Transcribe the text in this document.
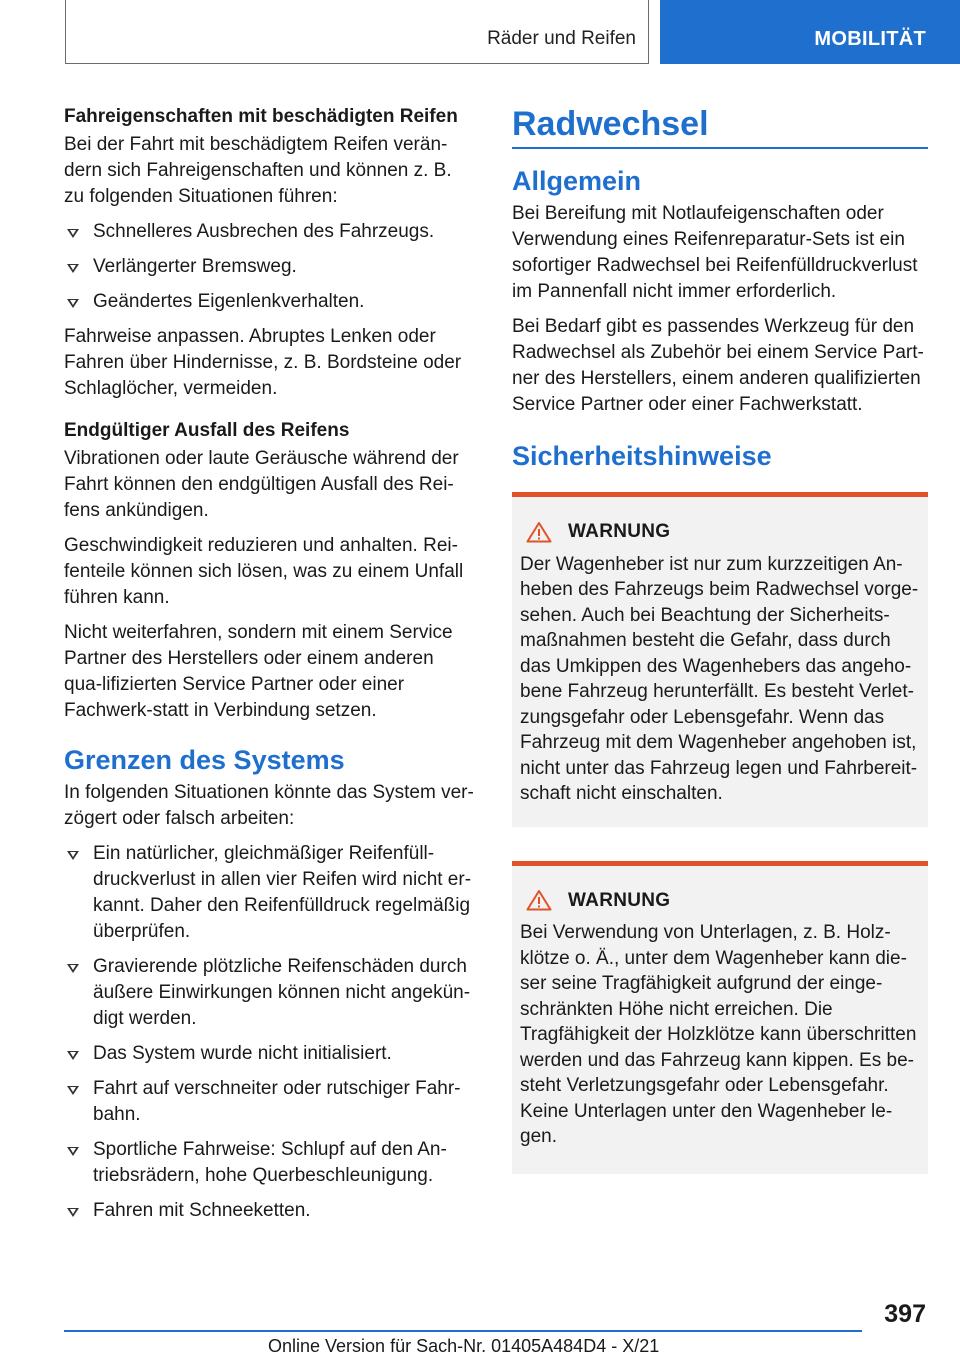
Räder und Reifen	MOBILITÄT

Fahreigenschaften mit beschädigten Reifen

Bei der Fahrt mit beschädigtem Reifen verän-dern sich Fahreigenschaften und können z. B. zu folgenden Situationen führen:

Schnelleres Ausbrechen des Fahrzeugs.
Verlängerter Bremsweg.
Geändertes Eigenlenkverhalten.

Fahrweise anpassen. Abruptes Lenken oder Fahren über Hindernisse, z. B. Bordsteine oder Schlaglöcher, vermeiden.

Endgültiger Ausfall des Reifens

Vibrationen oder laute Geräusche während der Fahrt können den endgültigen Ausfall des Rei-fens ankündigen.

Geschwindigkeit reduzieren und anhalten. Rei-fenteile können sich lösen, was zu einem Unfall führen kann.

Nicht weiterfahren, sondern mit einem Service Partner des Herstellers oder einem anderen qua-lifizierten Service Partner oder einer Fachwerk-statt in Verbindung setzen.

Grenzen des Systems

In folgenden Situationen könnte das System ver-zögert oder falsch arbeiten:

Ein natürlicher, gleichmäßiger Reifenfüll-druckverlust in allen vier Reifen wird nicht er-kannt. Daher den Reifenfülldruck regelmäßig überprüfen.
Gravierende plötzliche Reifenschäden durch äußere Einwirkungen können nicht angekün-digt werden.
Das System wurde nicht initialisiert.
Fahrt auf verschneiter oder rutschiger Fahr-bahn.
Sportliche Fahrweise: Schlupf auf den An-triebsrädern, hohe Querbeschleunigung.
Fahren mit Schneeketten.
Radwechsel
Allgemein

Bei Bereifung mit Notlaufeigenschaften oder Verwendung eines Reifenreparatur-Sets ist ein sofortiger Radwechsel bei Reifenfülldruckverlust im Pannenfall nicht immer erforderlich.

Bei Bedarf gibt es passendes Werkzeug für den Radwechsel als Zubehör bei einem Service Part-ner des Herstellers, einem anderen qualifizierten Service Partner oder einer Fachwerkstatt.

Sicherheitshinweise
WARNUNG
Der Wagenheber ist nur zum kurzzeitigen An-heben des Fahrzeugs beim Radwechsel vorge-sehen. Auch bei Beachtung der Sicherheits-maßnahmen besteht die Gefahr, dass durch das Umkippen des Wagenhebers das angeho-bene Fahrzeug herunterfällt. Es besteht Verlet-zungsgefahr oder Lebensgefahr. Wenn das Fahrzeug mit dem Wagenheber angehoben ist, nicht unter das Fahrzeug legen und Fahrbereit-schaft nicht einschalten.
WARNUNG
Bei Verwendung von Unterlagen, z. B. Holz-klötze o. Ä., unter dem Wagenheber kann die-ser seine Tragfähigkeit aufgrund der einge-schränkten Höhe nicht erreichen. Die Tragfähigkeit der Holzklötze kann überschritten werden und das Fahrzeug kann kippen. Es be-steht Verletzungsgefahr oder Lebensgefahr. Keine Unterlagen unter den Wagenheber le-gen.
397
Online Version für Sach-Nr. 01405A484D4 - X/21
